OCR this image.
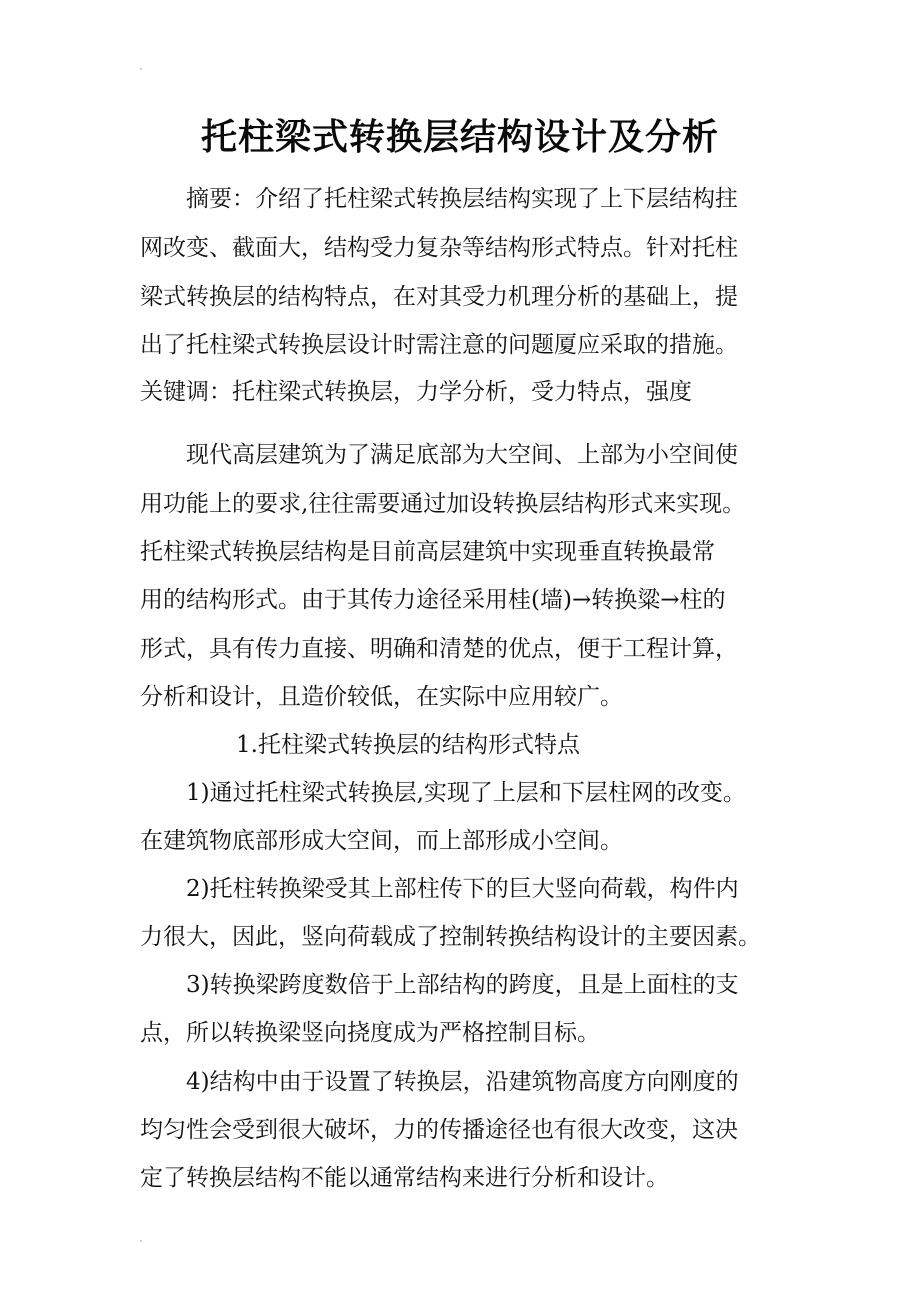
托柱梁式转换层结构设计及分析
摘要：介绍了托柱梁式转换层结构实现了上下层结构拄
网改变、截面大，结构受力复杂等结构形式特点。针对托柱
梁式转换层的结构特点，在对其受力机理分析的基础上，提
出了托柱梁式转换层设计时需注意的问题厦应采取的措施。
关键调：托柱梁式转换层，力学分析，受力特点，强度
现代高层建筑为了满足底部为大空间、上部为小空间使
用功能上的要求,往往需要通过加设转换层结构形式来实现。
托柱梁式转换层结构是目前高层建筑中实现垂直转换最常
用的结构形式。由于其传力途径采用桂(墙)→转换粱→柱的
形式，具有传力直接、明确和清楚的优点，便于工程计算，
分析和设计，且造价较低，在实际中应用较广。
1.托柱梁式转换层的结构形式特点
1)通过托柱梁式转换层,实现了上层和下层柱网的改变。
在建筑物底部形成大空间，而上部形成小空间。
2)托柱转换梁受其上部柱传下的巨大竖向荷载，构件内
力很大，因此，竖向荷载成了控制转换结构设计的主要因素。
3)转换梁跨度数倍于上部结构的跨度，且是上面柱的支
点，所以转换梁竖向挠度成为严格控制目标。
4)结构中由于设置了转换层，沿建筑物高度方向刚度的
均匀性会受到很大破坏，力的传播途径也有很大改变，这决
定了转换层结构不能以通常结构来进行分析和设计。
